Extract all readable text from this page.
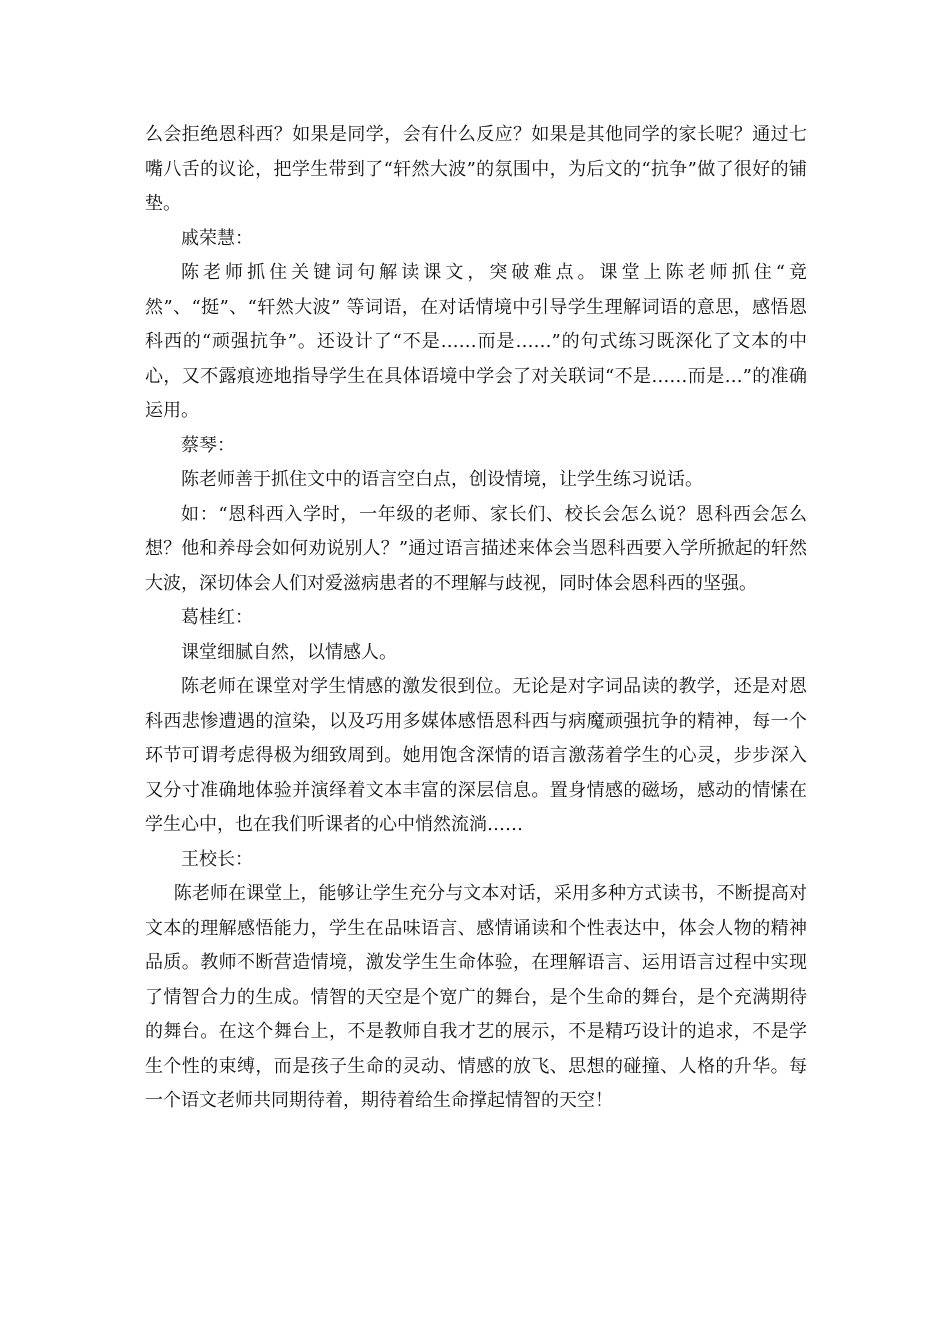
么会拒绝恩科西？如果是同学，会有什么反应？如果是其他同学的家长呢？通过七嘴八舌的议论，把学生带到了“轩然大波”的氛围中，为后文的“抗争”做了很好的铺垫。

戚荣慧：

陈老师抓住关键词句解读课文，突破难点。课堂上陈老师抓住“竟然”、“挺”、“轩然大波” 等词语，在对话情境中引导学生理解词语的意思，感悟恩科西的“顽强抗争”。还设计了“不是……而是……”的句式练习既深化了文本的中心，又不露痕迹地指导学生在具体语境中学会了对关联词“不是……而是…”的准确运用。

蔡琴：

陈老师善于抓住文中的语言空白点，创设情境，让学生练习说话。

如：“恩科西入学时，一年级的老师、家长们、校长会怎么说？恩科西会怎么想？他和养母会如何劝说别人？”通过语言描述来体会当恩科西要入学所掀起的轩然大波，深切体会人们对爱滋病患者的不理解与歧视，同时体会恩科西的坚强。

葛桂红：

课堂细腻自然，以情感人。

陈老师在课堂对学生情感的激发很到位。无论是对字词品读的教学，还是对恩科西悲惨遭遇的渲染，以及巧用多媒体感悟恩科西与病魔顽强抗争的精神，每一个环节可谓考虑得极为细致周到。她用饱含深情的语言激荡着学生的心灵，步步深入又分寸准确地体验并演绎着文本丰富的深层信息。置身情感的磁场，感动的情愫在学生心中，也在我们听课者的心中悄然流淌……

王校长：

陈老师在课堂上，能够让学生充分与文本对话，采用多种方式读书，不断提高对文本的理解感悟能力，学生在品味语言、感情诵读和个性表达中，体会人物的精神品质。教师不断营造情境，激发学生生命体验，在理解语言、运用语言过程中实现了情智合力的生成。情智的天空是个宽广的舞台，是个生命的舞台，是个充满期待的舞台。在这个舞台上，不是教师自我才艺的展示，不是精巧设计的追求，不是学生个性的束缚，而是孩子生命的灵动、情感的放飞、思想的碰撞、人格的升华。每一个语文老师共同期待着，期待着给生命撑起情智的天空！
